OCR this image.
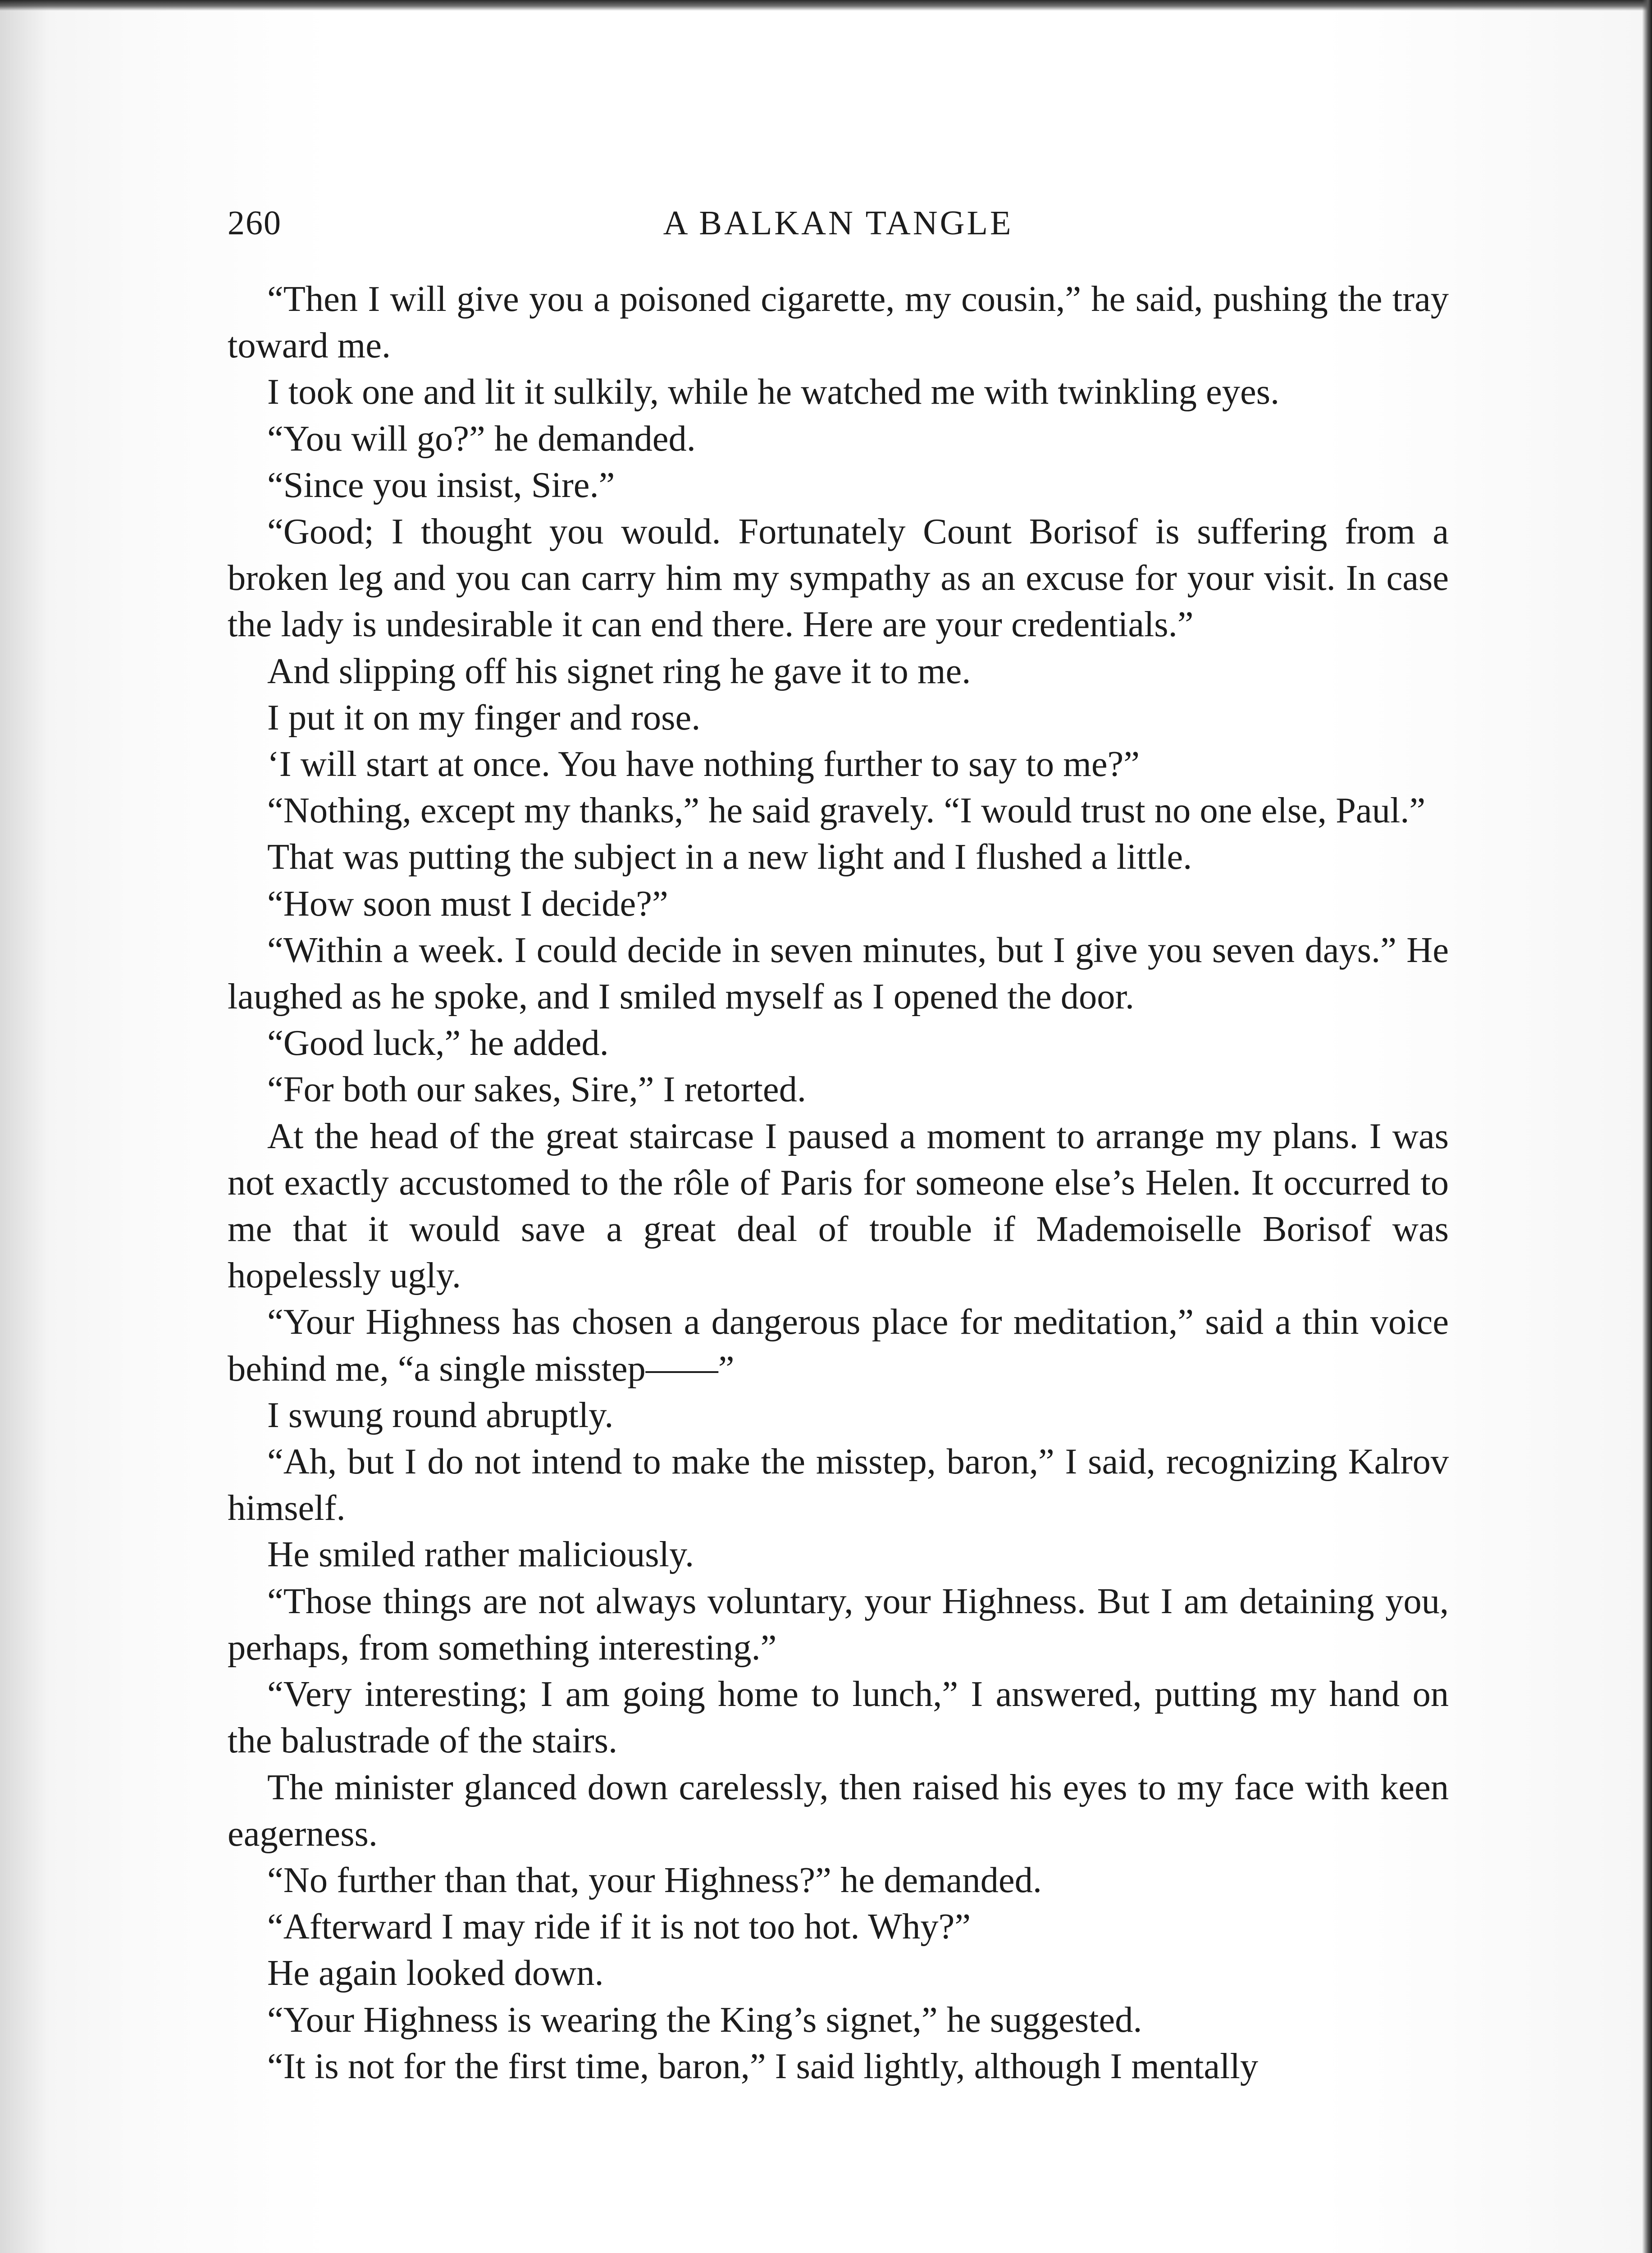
260	A BALKAN TANGLE

“Then I will give you a poisoned cigarette, my cousin,” he said, pushing the tray toward me.

I took one and lit it sulkily, while he watched me with twinkling eyes.

“You will go?” he demanded.

“Since you insist, Sire.”

“Good; I thought you would. Fortunately Count Borisof is suffering from a broken leg and you can carry him my sympathy as an excuse for your visit. In case the lady is undesirable it can end there. Here are your credentials.”

And slipping off his signet ring he gave it to me.

I put it on my finger and rose.

‘I will start at once. You have nothing further to say to me?”

“Nothing, except my thanks,” he said gravely. “I would trust no one else, Paul.”

That was putting the subject in a new light and I flushed a little.

“How soon must I decide?”

“Within a week. I could decide in seven minutes, but I give you seven days.” He laughed as he spoke, and I smiled myself as I opened the door.

“Good luck,” he added.

“For both our sakes, Sire,” I retorted.

At the head of the great staircase I paused a moment to arrange my plans. I was not exactly accustomed to the rôle of Paris for someone else’s Helen. It occurred to me that it would save a great deal of trouble if Mademoiselle Borisof was hopelessly ugly.

“Your Highness has chosen a dangerous place for meditation,” said a thin voice behind me, “a single misstep——”

I swung round abruptly.

“Ah, but I do not intend to make the misstep, baron,” I said, recognizing Kalrov himself.

He smiled rather maliciously.

“Those things are not always voluntary, your Highness. But I am detaining you, perhaps, from something interesting.”

“Very interesting; I am going home to lunch,” I answered, putting my hand on the balustrade of the stairs.

The minister glanced down carelessly, then raised his eyes to my face with keen eagerness.

“No further than that, your Highness?” he demanded.

“Afterward I may ride if it is not too hot. Why?”

He again looked down.

“Your Highness is wearing the King’s signet,” he suggested.

“It is not for the first time, baron,” I said lightly, although I mentally
